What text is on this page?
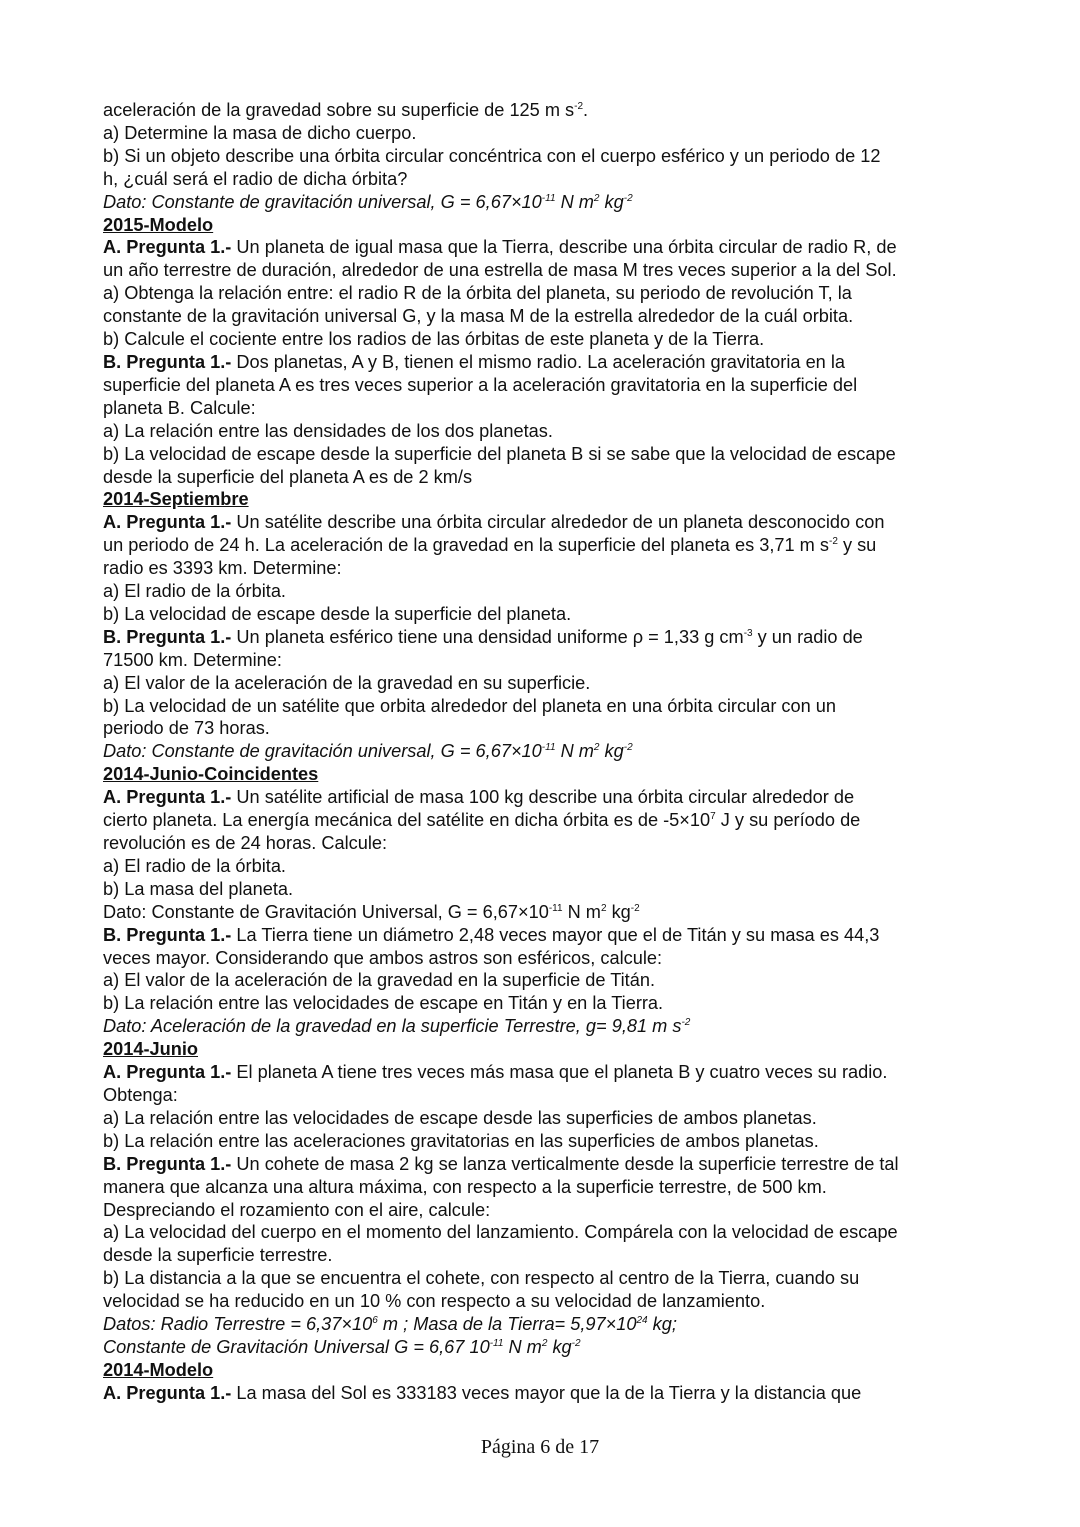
aceleración de la gravedad sobre su superficie de 125 m $s^{-2}$.
a) Determine la masa de dicho cuerpo.
b) Si un objeto describe una órbita circular concéntrica con el cuerpo esférico y un periodo de 12
h, ¿cuál será el radio de dicha órbita?
Dato: Constante de gravitación universal, $G = 6,67\times 10^{-11}$ N $m^2$ $kg^{-2}$
2015-Modelo
A. Pregunta 1.- Un planeta de igual masa que la Tierra, describe una órbita circular de radio R, de
un año terrestre de duración, alrededor de una estrella de masa M tres veces superior a la del Sol.
a) Obtenga la relación entre: el radio R de la órbita del planeta, su periodo de revolución T, la
constante de la gravitación universal G, y la masa M de la estrella alrededor de la cuál orbita.
b) Calcule el cociente entre los radios de las órbitas de este planeta y de la Tierra.
B. Pregunta 1.- Dos planetas, A y B, tienen el mismo radio. La aceleración gravitatoria en la
superficie del planeta A es tres veces superior a la aceleración gravitatoria en la superficie del
planeta B. Calcule:
a) La relación entre las densidades de los dos planetas.
b) La velocidad de escape desde la superficie del planeta B si se sabe que la velocidad de escape
desde la superficie del planeta A es de 2 km/s
2014-Septiembre
A. Pregunta 1.- Un satélite describe una órbita circular alrededor de un planeta desconocido con
un periodo de 24 h. La aceleración de la gravedad en la superficie del planeta es 3,71 m $s^{-2}$ y su
radio es 3393 km. Determine:
a) El radio de la órbita.
b) La velocidad de escape desde la superficie del planeta.
B. Pregunta 1.- Un planeta esférico tiene una densidad uniforme ρ = 1,33 g $cm^{-3}$ y un radio de
71500 km. Determine:
a) El valor de la aceleración de la gravedad en su superficie.
b) La velocidad de un satélite que orbita alrededor del planeta en una órbita circular con un
periodo de 73 horas.
Dato: Constante de gravitación universal, $G = 6,67\times 10^{-11}$ N $m^2$ $kg^{-2}$
2014-Junio-Coincidentes
A. Pregunta 1.- Un satélite artificial de masa 100 kg describe una órbita circular alrededor de
cierto planeta. La energía mecánica del satélite en dicha órbita es de $-5\times 10^7$ J y su período de
revolución es de 24 horas. Calcule:
a) El radio de la órbita.
b) La masa del planeta.
Dato: Constante de Gravitación Universal, $G = 6,67\times 10^{-11}$ N $m^2$ $kg^{-2}$
B. Pregunta 1.- La Tierra tiene un diámetro 2,48 veces mayor que el de Titán y su masa es 44,3
veces mayor. Considerando que ambos astros son esféricos, calcule:
a) El valor de la aceleración de la gravedad en la superficie de Titán.
b) La relación entre las velocidades de escape en Titán y en la Tierra.
Dato: Aceleración de la gravedad en la superficie Terrestre, g= 9,81 m $s^{-2}$
2014-Junio
A. Pregunta 1.- El planeta A tiene tres veces más masa que el planeta B y cuatro veces su radio.
Obtenga:
a) La relación entre las velocidades de escape desde las superficies de ambos planetas.
b) La relación entre las aceleraciones gravitatorias en las superficies de ambos planetas.
B. Pregunta 1.- Un cohete de masa 2 kg se lanza verticalmente desde la superficie terrestre de tal
manera que alcanza una altura máxima, con respecto a la superficie terrestre, de 500 km.
Despreciando el rozamiento con el aire, calcule:
a) La velocidad del cuerpo en el momento del lanzamiento. Compárela con la velocidad de escape
desde la superficie terrestre.
b) La distancia a la que se encuentra el cohete, con respecto al centro de la Tierra, cuando su
velocidad se ha reducido en un 10 % con respecto a su velocidad de lanzamiento.
Datos: Radio Terrestre = $6,37\times 10^6$ m ; Masa de la Tierra= $5,97\times 10^{24}$ kg;
Constante de Gravitación Universal G = 6,67 $10^{-11}$ N $m^2$ $kg^{-2}$
2014-Modelo
A. Pregunta 1.- La masa del Sol es 333183 veces mayor que la de la Tierra y la distancia que
Página 6 de 17
